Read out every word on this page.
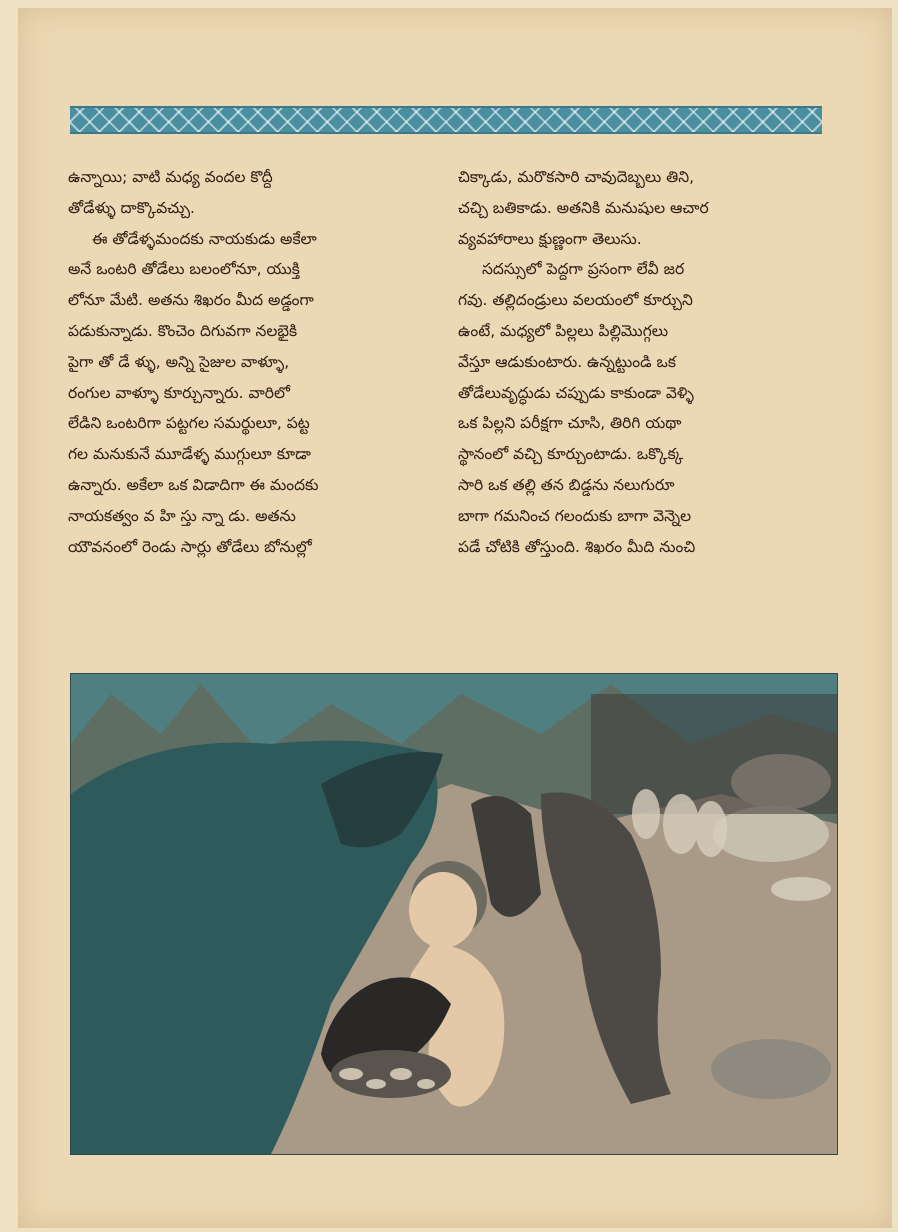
ఉన్నాయి; వాటి మధ్య వందల కొద్దీ
తోడేళ్ళు దాక్కొవచ్చు.
ఈ తోడేళ్ళమందకు నాయకుడు అకేలా
అనే ఒంటరి తోడేలు బలంలోనూ, యుక్తి
లోనూ మేటి. అతను శిఖరం మీద అడ్డంగా
పడుకున్నాడు. కొంచెం దిగువగా నలభైకి
పైగా తో డే ళ్ళు, అన్ని సైజుల వాళ్ళూ,
రంగుల వాళ్ళూ కూర్చున్నారు. వారిలో
లేడిని ఒంటరిగా పట్టగల సమర్థులూ, పట్ట
గల మనుకునే మూడేళ్ళ ముగ్గులూ కూడా
ఉన్నారు. అకేలా ఒక విడాదిగా ఈ మందకు
నాయకత్వం వ హి స్తు న్నా డు. అతను
యౌవనంలో రెండు సార్లు తోడేలు బోనుల్లో
చిక్కాడు, మరొకసారి చావుదెబ్బలు తిని,
చచ్చి బతికాడు. అతనికి మనుషుల ఆచార
వ్యవహారాలు క్షుణ్ణంగా తెలుసు.
సదస్సులో పెద్దగా ప్రసంగా లేవీ జర
గవు. తల్లిదండ్రులు వలయంలో కూర్చుని
ఉంటే, మధ్యలో పిల్లలు పిల్లిమొగ్గలు
వేస్తూ ఆడుకుంటారు. ఉన్నట్టుండి ఒక
తోడేలువృద్ధుడు చప్పుడు కాకుండా వెళ్ళి
ఒక పిల్లని పరీక్షగా చూసి, తిరిగి యథా
స్థానంలో వచ్చి కూర్చుంటాడు. ఒక్కొక్క
సారి ఒక తల్లి తన బిడ్డను నలుగురూ
బాగా గమనించ గలందుకు బాగా వెన్నెల
పడే చోటికి తోస్తుంది. శిఖరం మీది నుంచి
